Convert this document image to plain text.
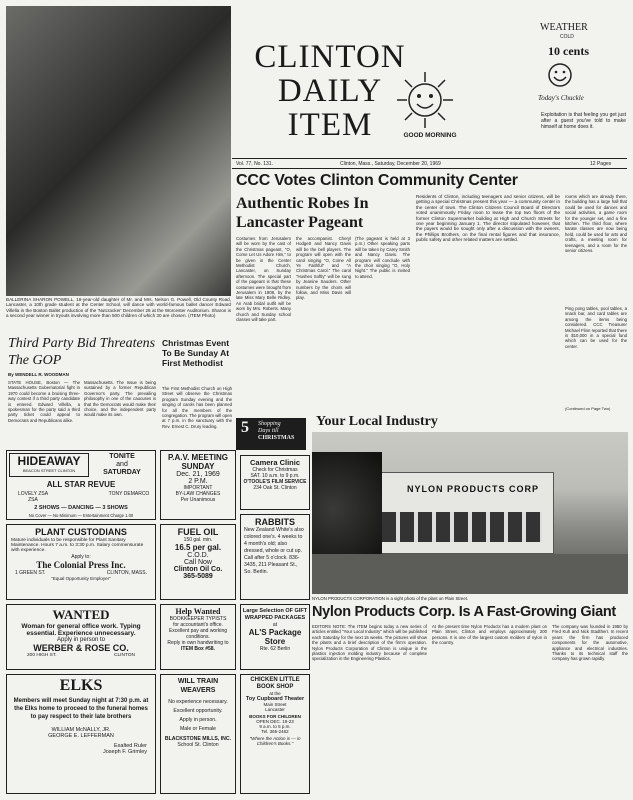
BALLERINA SHARON POWELL, 16-year-old daughter of Mr. and Mrs. Nelson G. Powell, Old County Road, Lancaster, a 10th grade student at the Center School, will dance with world-famous ballet dancer Edward Villella in the Boston Ballet production of the 'Nutcracker' December 26 at the Worcester Auditorium. Sharon is a second year winner in tryouts involving more than 500 children of which 30 are chosen. (ITEM Photo)
CLINTON
DAILY
ITEM	GOOD MORNING
WEATHER
COLD
10 cents
Today's Chuckle
Exploitation is that feeling you get just after a guest you've told to make himself at home does it.
Vol. 77, No. 131.	Clinton, Mass., Saturday, December 20, 1969	12 Pages
CCC Votes Clinton Community Center
Authentic Robes In Lancaster Pageant
Costumes from Jerusalem will be worn by the cast of the Christmas pageant, "O, Come Let Us Adore Him," to be given in the Center Methodist Church, Lancaster, on Sunday afternoon. The special part of the pageant is that these costumes were brought from Jerusalem in 1908, by the late Miss Mary Belle Ridley. An Arab bridal outfit will be worn by Mrs. Roberts. Many church and Sunday school classes will take part.
the accompanist. Cheryl Hodgett and Nancy Davis will be the bell players. The program will open with the carol singing "O, Come All Ye Faithful" and "A Christmas Carol." The carol "Hushes Softly" will be sung by Jeanine Sauders. Other numbers by the choirs will follow, and Miss Davis will play.
(The pageant is held at 3 p.m.) Other speaking parts will be taken by Carey Smith and Nancy Davis. The program will conclude with the choir singing "O, Holy Night." The public is invited to attend.
Residents of Clinton, including teenagers and senior citizens, will be getting a special Christmas present this year — a community center in the center of town. The Clinton Citizens Council Board of Directors voted unanimously Friday noon to lease the top two floors of the former Clinton Supermarket building at High and Church Streets for one year beginning January 1. The director stipulated however, that the payers would be sought only after a discussion with the owners, the Phillips Brothers, on the final rental figures and that insurance, public safety and other related matters are settled.
rooms which are already there, the building has a large hall that could be used for dances and social activities, a game room for the younger set, and a fine kitchen. The third floor, where karate classes are now being held, could be used for arts and crafts, a meeting room for teenagers, and a room for the senior citizens.
Ping pong tables, pool tables, a snack bar, and card tables are among the items being considered. CCC Treasurer Michael Flinn reported that there is $10,000 in a special fund which can be used for the center.
(Continued on Page Two)
Third Party Bid Threatens The GOP
By WENDELL R. WOODMAN
STATE HOUSE, Boston — The Massachusetts Gubernatorial fight in 1970 could become a bruising three-way contest if a third party candidate is entered. Edward Villella, a spokesman for the party said a third party ticket could appeal to Democrats and Republicans alike.
Massachusetts. The Issue is being sustained by a former Republican Governor's party. The prevailing philosophy in one of the caucuses is that the Democrats would make their choice, and the independent party would make its own.
Christmas Event To Be Sunday At First Methodist
The First Methodist Church on High Street will observe the Christmas program Sunday evening and the singing of carols has been planned for all the members of the congregation. The program will open at 7 p.m. in the sanctuary with the Rev. Ernest C. Drury leading.	5 Shopping
Days till
CHRISTMAS
Your Local Industry
NYLON PRODUCTS CORP
NYLON PRODUCTS CORPORATION is a sight photo of the plant on Plain Street.
Nylon Products Corp. Is A Fast-Growing Giant
EDITORS NOTE: The ITEM begins today a new series of articles entitled "Your Local Industry" which will be published each Saturday for the next 15 weeks. The pictures will show the plants and a brief description of the firm's operation. Nylon Products Corporation of Clinton is unique in the plastics injection molding industry because of complete specialization in the Engineering Plastics.
At the present time Nylon Products has a modern plant on Plain Street, Clinton and employs approximately 200 persons. It is one of the largest custom molders of nylon in the country.
The company was founded in 1950 by Fred Kuh and Nick Stadtherr. In recent years the firm has produced components for the automotive, appliance and electrical industries. Thanks to its technical staff the company has grown rapidly.
HIDEAWAY
BEACON STREET CLINTON
TONITE
and
SATURDAY
ALL STAR REVUE
LOVELY ZSA ZSA
TONY DEMARCO
2 SHOWS — DANCING — 3 SHOWS
No Cover — No Minimum — Entertainment Charge 1.00
P.A.V. MEETING
SUNDAY
Dec. 21, 1969
2 P.M.
IMPORTANT
BY-LAW CHANGES
Per Unanimous
Camera Clinic
Check for Christmas
SAT. 10 a.m. to 9 p.m.
O'TOOLE'S FILM SERVICE
234 Oak St. Clinton
PLANT CUSTODIANS
Mature individuals to be responsible for Plant Sanitary Maintenance. Hours 7 a.m. to 3:30 p.m. Salary commensurate with experience.
Apply to:
The Colonial Press Inc.
1 GREEN ST.	CLINTON, MASS.
"Equal Opportunity Employer"
FUEL OIL
150 gal. min.
16.5 per gal.
C.O.D.
Call Now
Clinton Oil Co.
365-5089
RABBITS
New Zealand White's also colored one's. 4 weeks to 4 month's old; also dressed, whole or cut up. Call after 5 o'clock. 836-3435, 211 Pleasant St., So. Berlin.
WANTED
Woman for general office work. Typing essential. Experience unnecessary.
Apply in person to
WERBER & ROSE CO.
200 HIGH ST.	CLINTON
Help Wanted
BOOKKEEPER TYPISTS
for accountant's office.
Excellent pay and working conditions.
Reply in own handwriting to
ITEM Box #58.
Large Selection OF GIFT WRAPPED PACKAGES
at
AL'S Package Store
Rte. 62 Berlin
ELKS
Members will meet Sunday night at 7:30 p.m. at the Elks home to proceed to the funeral homes to pay respect to their late brothers
WILLIAM McNALLY, JR.
GEORGE E. LEFFERMAN
Exalted Ruler
Joseph F. Grimley
WILL TRAIN WEAVERS
No experience necessary.
Excellent opportunity.
Apply in person.
Male or Female
BLACKSTONE MILLS, INC.
School St. Clinton
CHICKEN LITTLE BOOK SHOP
at the
Toy Cupboard Theater
Main Street
Lancaster
BOOKS FOR CHILDREN
OPEN DEC. 19-23
9 a.m. to 5 p.m.
Tel. 365-2462
"Where the Action is — in Children's Books."
